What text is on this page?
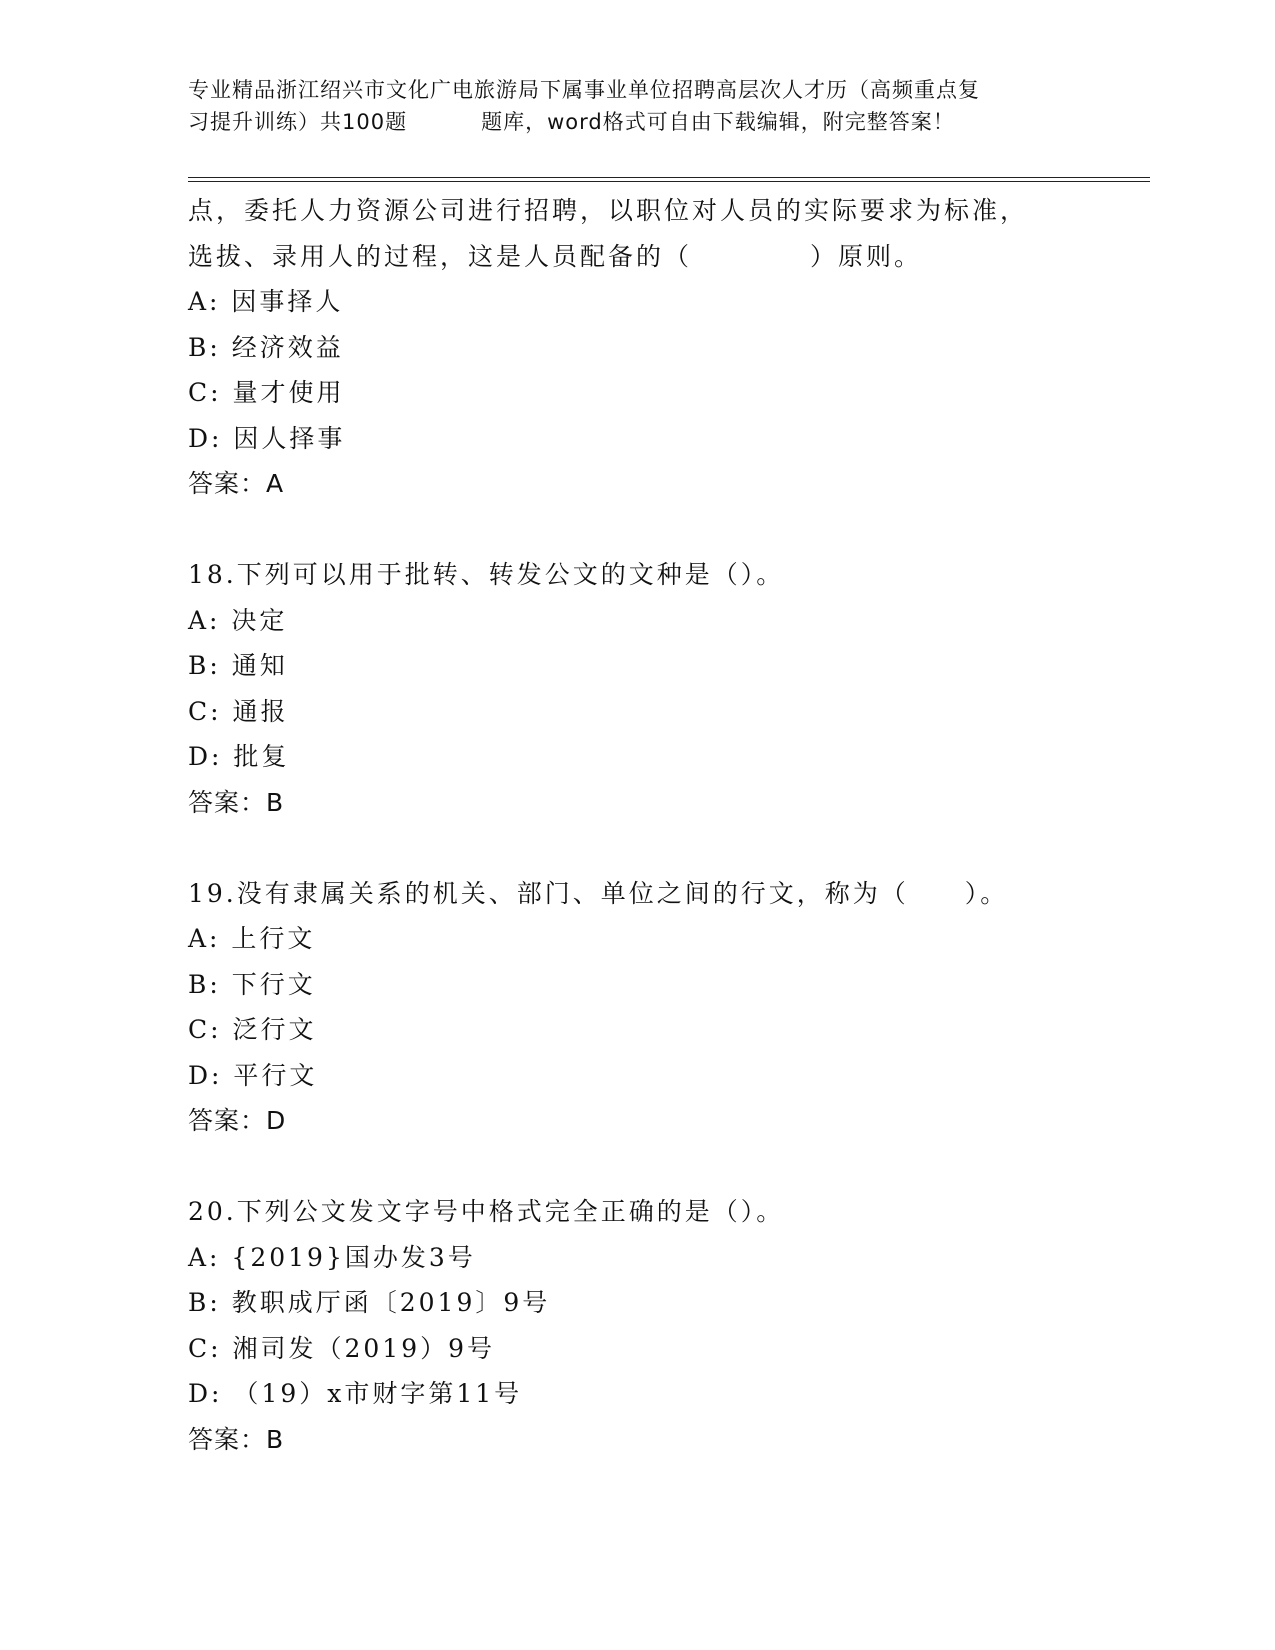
专业精品浙江绍兴市文化广电旅游局下属事业单位招聘高层次人才历（高频重点复
习提升训练）共100题	题库，word格式可自由下载编辑，附完整答案！
点，委托人力资源公司进行招聘，以职位对人员的实际要求为标准，
选拔、录用人的过程，这是人员配备的（	）原则。
A: 因事择人
B: 经济效益
C: 量才使用
D: 因人择事
答案：A
18.下列可以用于批转、转发公文的文种是（）。
A: 决定
B: 通知
C: 通报
D: 批复
答案：B
19.没有隶属关系的机关、部门、单位之间的行文，称为（　　）。
A: 上行文
B: 下行文
C: 泛行文
D: 平行文
答案：D
20.下列公文发文字号中格式完全正确的是（）。
A: {2019}国办发3号
B: 教职成厅函〔2019〕9号
C: 湘司发（2019）9号
D: （19）x市财字第11号
答案：B
